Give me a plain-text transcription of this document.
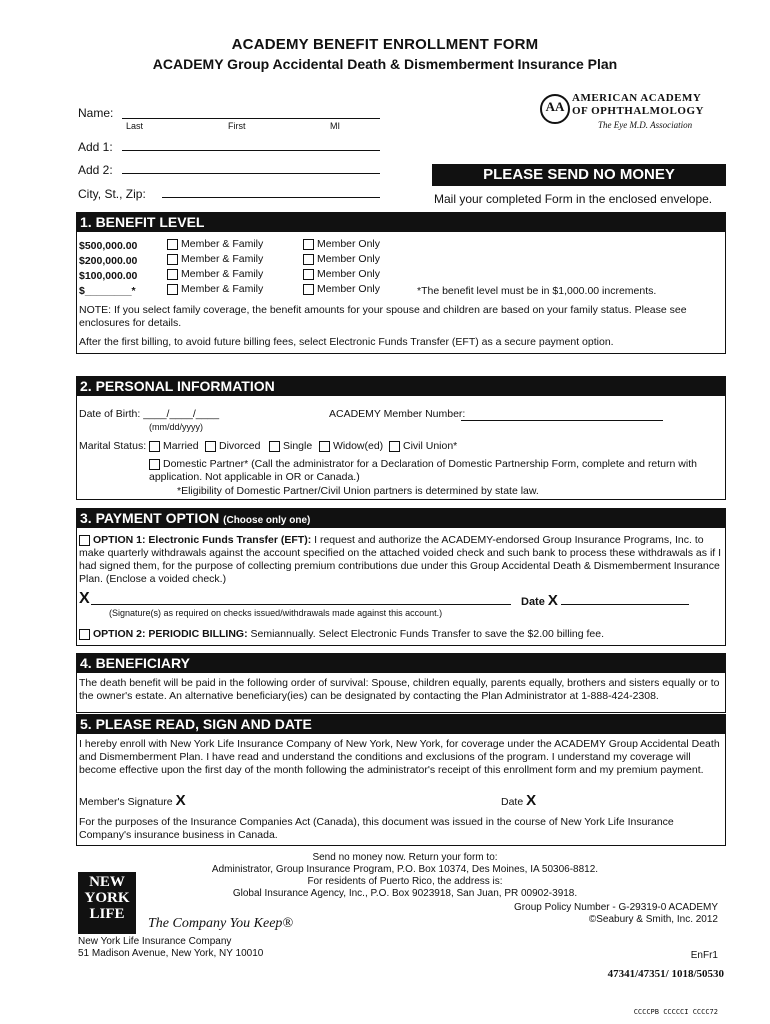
ACADEMY BENEFIT ENROLLMENT FORM
ACADEMY Group Accidental Death & Dismemberment Insurance Plan
AA
AMERICAN ACADEMY
OF OPHTHALMOLOGY
The Eye M.D. Association
Name:
Last	First	MI
Add 1:
Add 2:
City, St., Zip:
PLEASE SEND NO MONEY
Mail your completed Form in the enclosed envelope.
1. BENEFIT LEVEL
$500,000.00	Member & Family	Member Only
$200,000.00	Member & Family	Member Only
$100,000.00	Member & Family	Member Only
$________*	Member & Family	Member Only	*The benefit level must be in $1,000.00 increments.
NOTE: If you select family coverage, the benefit amounts for your spouse and children are based on your family status. Please see enclosures for details.
After the first billing, to avoid future billing fees, select Electronic Funds Transfer (EFT) as a secure payment option.
2. PERSONAL INFORMATION
Date of Birth: ____/____/____
(mm/dd/yyyy)
ACADEMY Member Number:
Marital Status:	Married	Divorced	Single	Widow(ed)	Civil Union*
Domestic Partner* (Call the administrator for a Declaration of Domestic Partnership Form, complete and return with application. Not applicable in OR or Canada.)
*Eligibility of Domestic Partner/Civil Union partners is determined by state law.
3. PAYMENT OPTION (Choose only one)
OPTION 1: Electronic Funds Transfer (EFT): I request and authorize the ACADEMY-endorsed Group Insurance Programs, Inc. to make quarterly withdrawals against the account specified on the attached voided check and such bank to process these withdrawals as if I had signed them, for the purpose of collecting premium contributions due under this Group Accidental Death & Dismemberment Insurance Plan. (Enclose a voided check.)
X	Date X
(Signature(s) as required on checks issued/withdrawals made against this account.)
OPTION 2: PERIODIC BILLING: Semiannually. Select Electronic Funds Transfer to save the $2.00 billing fee.
4. BENEFICIARY
The death benefit will be paid in the following order of survival: Spouse, children equally, parents equally, brothers and sisters equally or to the owner's estate. An alternative beneficiary(ies) can be designated by contacting the Plan Administrator at 1-888-424-2308.
5. PLEASE READ, SIGN AND DATE
I hereby enroll with New York Life Insurance Company of New York, New York, for coverage under the ACADEMY Group Accidental Death and Dismemberment Plan. I have read and understand the conditions and exclusions of the program. I understand my coverage will become effective upon the first day of the month following the administrator's receipt of this enrollment form and my premium payment.
Member's Signature X	Date X
For the purposes of the Insurance Companies Act (Canada), this document was issued in the course of New York Life Insurance Company's insurance business in Canada.
Send no money now. Return your form to:
Administrator, Group Insurance Program, P.O. Box 10374, Des Moines, IA 50306-8812.
For residents of Puerto Rico, the address is:
Global Insurance Agency, Inc., P.O. Box 9023918, San Juan, PR 00902-3918.
Group Policy Number - G-29319-0 ACADEMY
©Seabury & Smith, Inc. 2012
NEW
YORK
LIFE
The Company You Keep®
New York Life Insurance Company
51 Madison Avenue, New York, NY 10010	EnFr1
47341/47351/ 1018/50530
CCCCPB CCCCCI CCCC72
